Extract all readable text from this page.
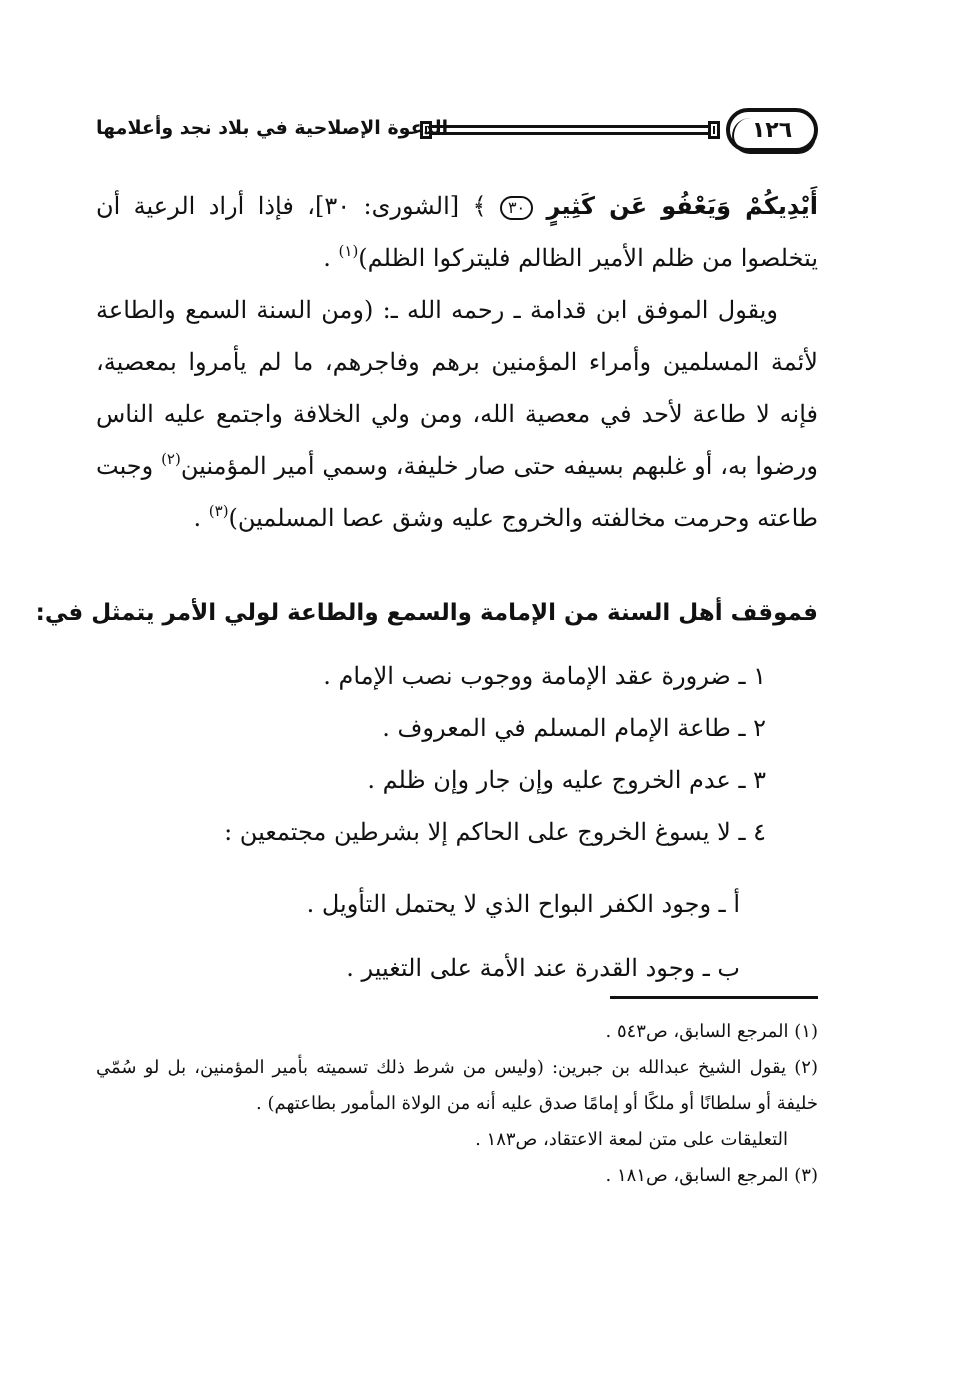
١٢٦
الدعوة الإصلاحية في بلاد نجد وأعلامها

أَيْدِيكُمْ وَيَعْفُو عَن كَثِيرٍ ٣٠ ﴾ [الشورى: ٣٠]، فإذا أراد الرعية أن يتخلصوا من ظلم الأمير الظالم فليتركوا الظلم)$^{(١)}$ .

ويقول الموفق ابن قدامة ـ رحمه الله ـ: (ومن السنة السمع والطاعة لأئمة المسلمين وأمراء المؤمنين برهم وفاجرهم، ما لم يأمروا بمعصية، فإنه لا طاعة لأحد في معصية الله، ومن ولي الخلافة واجتمع عليه الناس ورضوا به، أو غلبهم بسيفه حتى صار خليفة، وسمي أمير المؤمنين$^{(٢)}$ وجبت طاعته وحرمت مخالفته والخروج عليه وشق عصا المسلمين)$^{(٣)}$ .

فموقف أهل السنة من الإمامة والسمع والطاعة لولي الأمر يتمثل في:
١ ـ ضرورة عقد الإمامة ووجوب نصب الإمام .
٢ ـ طاعة الإمام المسلم في المعروف .
٣ ـ عدم الخروج عليه وإن جار وإن ظلم .
٤ ـ لا يسوغ الخروج على الحاكم إلا بشرطين مجتمعين :
أ ـ وجود الكفر البواح الذي لا يحتمل التأويل .
ب ـ وجود القدرة عند الأمة على التغيير .

(١) المرجع السابق، ص٥٤٣ .

(٢) يقول الشيخ عبدالله بن جبرين: (وليس من شرط ذلك تسميته بأمير المؤمنين، بل لو سُمّي خليفة أو سلطانًا أو ملكًا أو إمامًا صدق عليه أنه من الولاة المأمور بطاعتهم) .

التعليقات على متن لمعة الاعتقاد، ص١٨٣ .

(٣) المرجع السابق، ص١٨١ .
